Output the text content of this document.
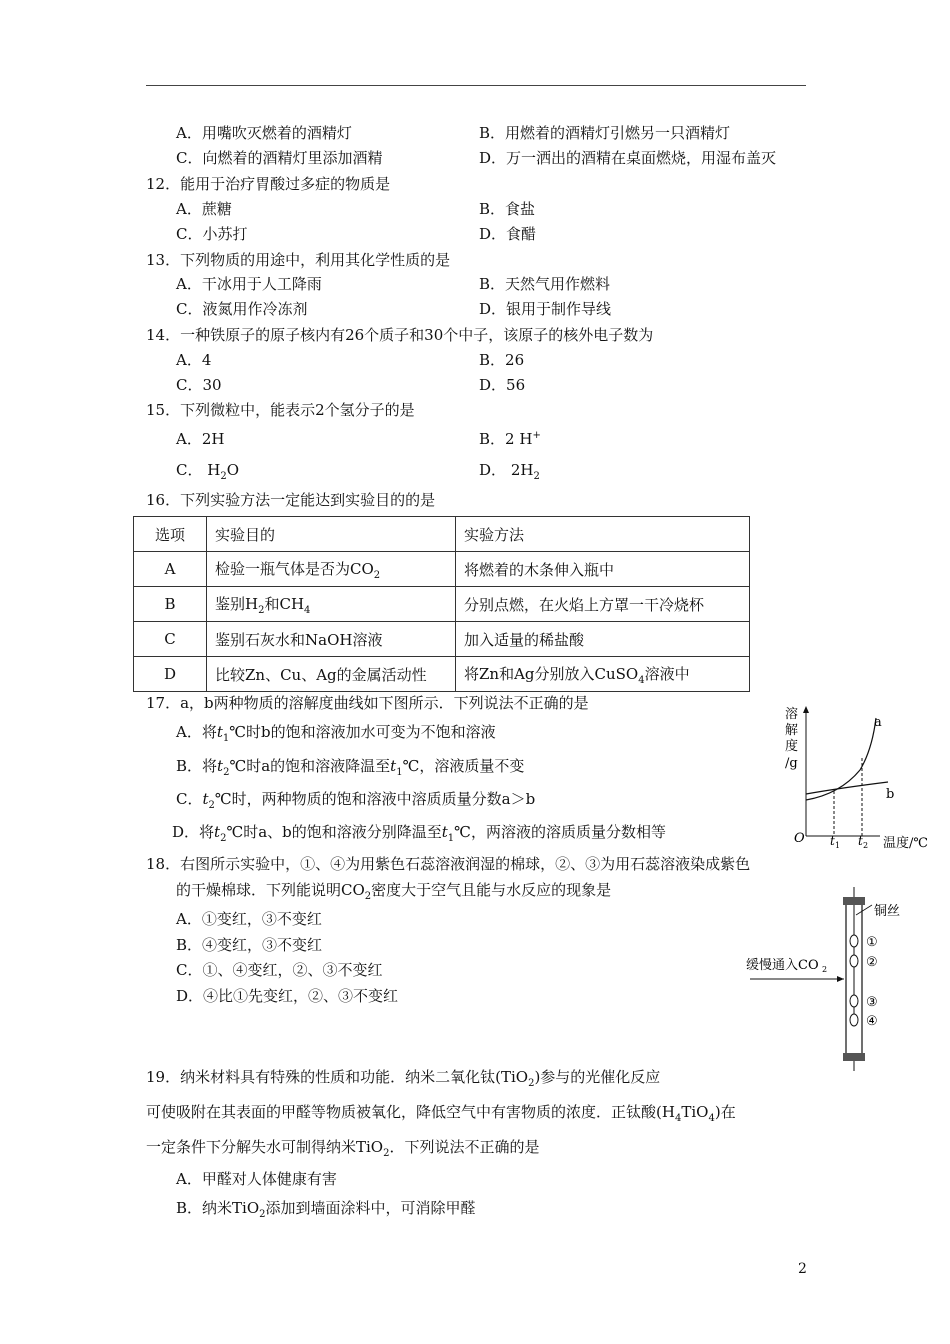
A．用嘴吹灭燃着的酒精灯	B．用燃着的酒精灯引燃另一只酒精灯
C．向燃着的酒精灯里添加酒精	D．万一洒出的酒精在桌面燃烧，用湿布盖灭
12．能用于治疗胃酸过多症的物质是
A．蔗糖	B．食盐
C．小苏打	D．食醋
13．下列物质的用途中，利用其化学性质的是
A．干冰用于人工降雨	B．天然气用作燃料
C．液氮用作冷冻剂	D．银用于制作导线
14．一种铁原子的原子核内有26个质子和30个中子，该原子的核外电子数为
A．4	B．26
C．30	D．56
15．下列微粒中，能表示2个氢分子的是
A．2H	B．2 H+
C． $H_2O$	D． $2H_2$
16．下列实验方法一定能达到实验目的的是
选项	实验目的	实验方法
A	检验一瓶气体是否为$CO_2$	将燃着的木条伸入瓶中
B	鉴别$H_2$和$CH_4$	分别点燃，在火焰上方罩一干冷烧杯
C	鉴别石灰水和NaOH溶液	加入适量的稀盐酸
D	比较Zn、Cu、Ag的金属活动性	将Zn和Ag分别放入CuSO$_4$溶液中
17．a，b两种物质的溶解度曲线如下图所示．下列说法不正确的是
A．将$t_1℃$时b的饱和溶液加水可变为不饱和溶液
B．将$t_2℃$时a的饱和溶液降温至$t_1℃$，溶液质量不变
C．$t_2℃$时，两种物质的饱和溶液中溶质质量分数a＞b
D．将$t_2℃$时a、b的饱和溶液分别降温至$t_1℃$，两溶液的溶质质量分数相等
溶
解
度
/g
a
b
O t 1 t 2 温度/℃
18．右图所示实验中，①、④为用紫色石蕊溶液润湿的棉球，②、③为用石蕊溶液染成紫色
的干燥棉球．下列能说明$CO_2$密度大于空气且能与水反应的现象是
A．①变红，③不变红
B．④变红，③不变红
C．①、④变红，②、③不变红
D．④比①先变红，②、③不变红
铜丝
缓慢通入CO 2
①
②
③
④
19．纳米材料具有特殊的性质和功能．纳米二氧化钛(TiO$_2$)参与的光催化反应
可使吸附在其表面的甲醛等物质被氧化，降低空气中有害物质的浓度．正钛酸$(H_4TiO_4)$在
一定条件下分解失水可制得纳米TiO$_2$．下列说法不正确的是
A．甲醛对人体健康有害
B．纳米TiO$_2$添加到墙面涂料中，可消除甲醛
2
